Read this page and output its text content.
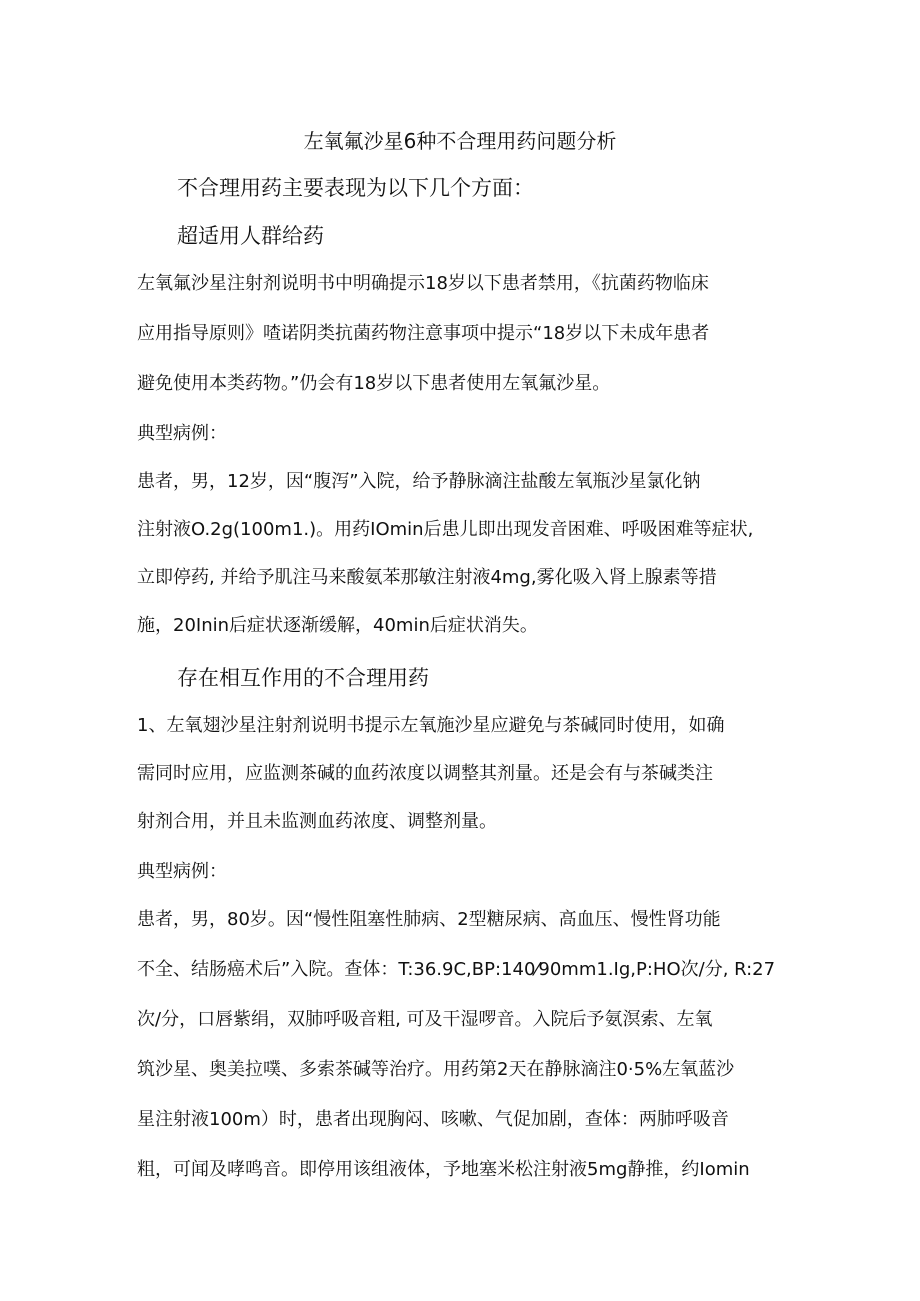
左氧氟沙星6种不合理用药问题分析
不合理用药主要表现为以下几个方面：
超适用人群给药
左氧氟沙星注射剂说明书中明确提示18岁以下患者禁用，《抗菌药物临床
应用指导原则》喳诺阴类抗菌药物注意事项中提示“18岁以下未成年患者
避免使用本类药物。”仍会有18岁以下患者使用左氧氟沙星。
典型病例：
患者，男，12岁，因“腹泻”入院，给予静脉滴注盐酸左氧瓶沙星氯化钠
注射液O.2g(100m1.)。用药IOmin后患儿即出现发音困难、呼吸困难等症状,
立即停药, 并给予肌注马来酸氨苯那敏注射液4mg,雾化吸入肾上腺素等措
施，20Inin后症状逐渐缓解，40min后症状消失。
存在相互作用的不合理用药
1、左氧翅沙星注射剂说明书提示左氧施沙星应避免与茶碱同时使用，如确
需同时应用，应监测茶碱的血药浓度以调整其剂量。还是会有与茶碱类注
射剂合用，并且未监测血药浓度、调整剂量。
典型病例：
患者，男，80岁。因“慢性阻塞性肺病、2型糖尿病、高血压、慢性肾功能
不全、结肠癌术后”入院。查体：T:36.9C,BP:140⁄90mm1.Ig,P:HO次/分, R:27
次/分，口唇紫绢，双肺呼吸音粗, 可及干湿啰音。入院后予氨溟索、左氧
筑沙星、奥美拉噗、多索茶碱等治疗。用药第2天在静脉滴注0·5%左氧蓝沙
星注射液100m）时，患者出现胸闷、咳嗽、气促加剧，查体：两肺呼吸音
粗，可闻及哮鸣音。即停用该组液体，予地塞米松注射液5mg静推，约Iomin
